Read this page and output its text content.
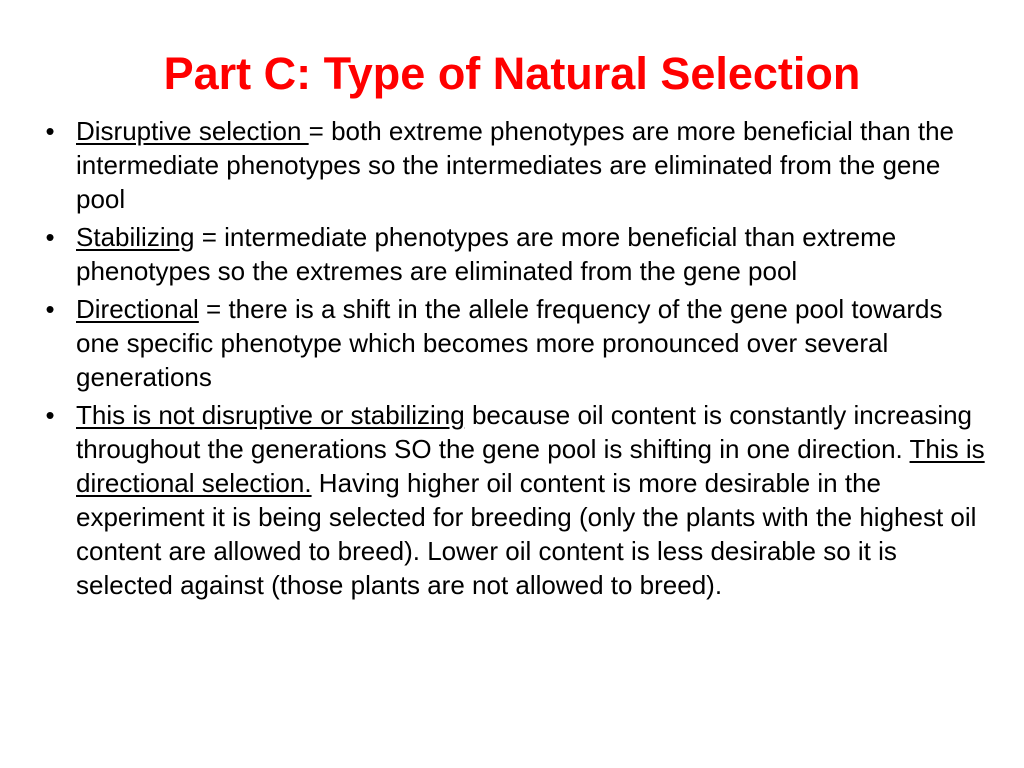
Part C: Type of Natural Selection
• Disruptive selection = both extreme phenotypes are more beneficial than the intermediate phenotypes so the intermediates are eliminated from the gene pool
• Stabilizing = intermediate phenotypes are more beneficial than extreme phenotypes so the extremes are eliminated from the gene pool
• Directional = there is a shift in the allele frequency of the gene pool towards one specific phenotype which becomes more pronounced over several generations
• This is not disruptive or stabilizing because oil content is constantly increasing throughout the generations SO the gene pool is shifting in one direction. This is directional selection. Having higher oil content is more desirable in the experiment it is being selected for breeding (only the plants with the highest oil content are allowed to breed). Lower oil content is less desirable so it is selected against (those plants are not allowed to breed).
